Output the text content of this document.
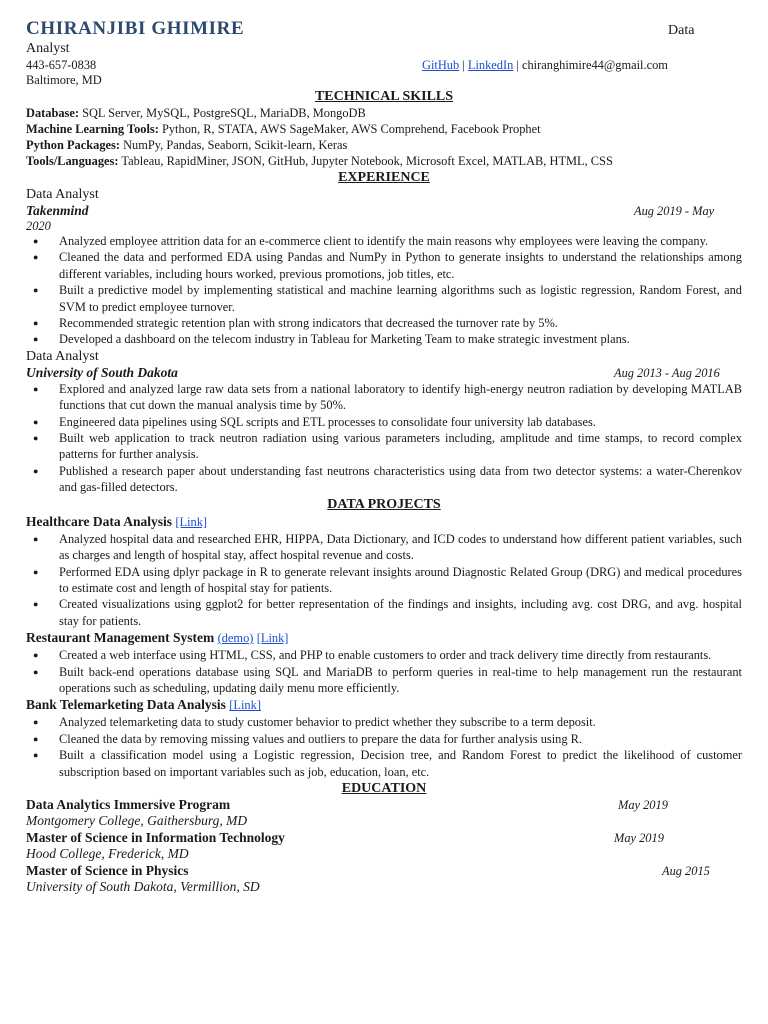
CHIRANJIBI GHIMIRE	Data
Analyst
443-657-0838
Baltimore, MD
GitHub | LinkedIn | chiranghimire44@gmail.com
TECHNICAL SKILLS
Database: SQL Server, MySQL, PostgreSQL, MariaDB, MongoDB
Machine Learning Tools: Python, R, STATA, AWS SageMaker, AWS Comprehend, Facebook Prophet
Python Packages: NumPy, Pandas, Seaborn, Scikit-learn, Keras
Tools/Languages: Tableau, RapidMiner, JSON, GitHub, Jupyter Notebook, Microsoft Excel, MATLAB, HTML, CSS
EXPERIENCE
Data Analyst
Takenmind	Aug 2019 - May
2020
● Analyzed employee attrition data for an e-commerce client to identify the main reasons why employees were leaving the company.
● Cleaned the data and performed EDA using Pandas and NumPy in Python to generate insights to understand the relationships among different variables, including hours worked, previous promotions, job titles, etc.
● Built a predictive model by implementing statistical and machine learning algorithms such as logistic regression, Random Forest, and SVM to predict employee turnover.
● Recommended strategic retention plan with strong indicators that decreased the turnover rate by 5%.
● Developed a dashboard on the telecom industry in Tableau for Marketing Team to make strategic investment plans.
Data Analyst
University of South Dakota	Aug 2013 - Aug 2016
● Explored and analyzed large raw data sets from a national laboratory to identify high-energy neutron radiation by developing MATLAB functions that cut down the manual analysis time by 50%.
● Engineered data pipelines using SQL scripts and ETL processes to consolidate four university lab databases.
● Built web application to track neutron radiation using various parameters including, amplitude and time stamps, to record complex patterns for further analysis.
● Published a research paper about understanding fast neutrons characteristics using data from two detector systems: a water-Cherenkov and gas-filled detectors.
DATA PROJECTS
Healthcare Data Analysis [Link]
● Analyzed hospital data and researched EHR, HIPPA, Data Dictionary, and ICD codes to understand how different patient variables, such as charges and length of hospital stay, affect hospital revenue and costs.
● Performed EDA using dplyr package in R to generate relevant insights around Diagnostic Related Group (DRG) and medical procedures to estimate cost and length of hospital stay for patients.
● Created visualizations using ggplot2 for better representation of the findings and insights, including avg. cost DRG, and avg. hospital stay for patients.
Restaurant Management System (demo) [Link]
● Created a web interface using HTML, CSS, and PHP to enable customers to order and track delivery time directly from restaurants.
● Built back-end operations database using SQL and MariaDB to perform queries in real-time to help management run the restaurant operations such as scheduling, updating daily menu more efficiently.
Bank Telemarketing Data Analysis [Link]
● Analyzed telemarketing data to study customer behavior to predict whether they subscribe to a term deposit.
● Cleaned the data by removing missing values and outliers to prepare the data for further analysis using R.
● Built a classification model using a Logistic regression, Decision tree, and Random Forest to predict the likelihood of customer subscription based on important variables such as job, education, loan, etc.
EDUCATION
Data Analytics Immersive Program	May 2019
Montgomery College, Gaithersburg, MD
Master of Science in Information Technology	May 2019
Hood College, Frederick, MD
Master of Science in Physics	Aug 2015
University of South Dakota, Vermillion, SD
